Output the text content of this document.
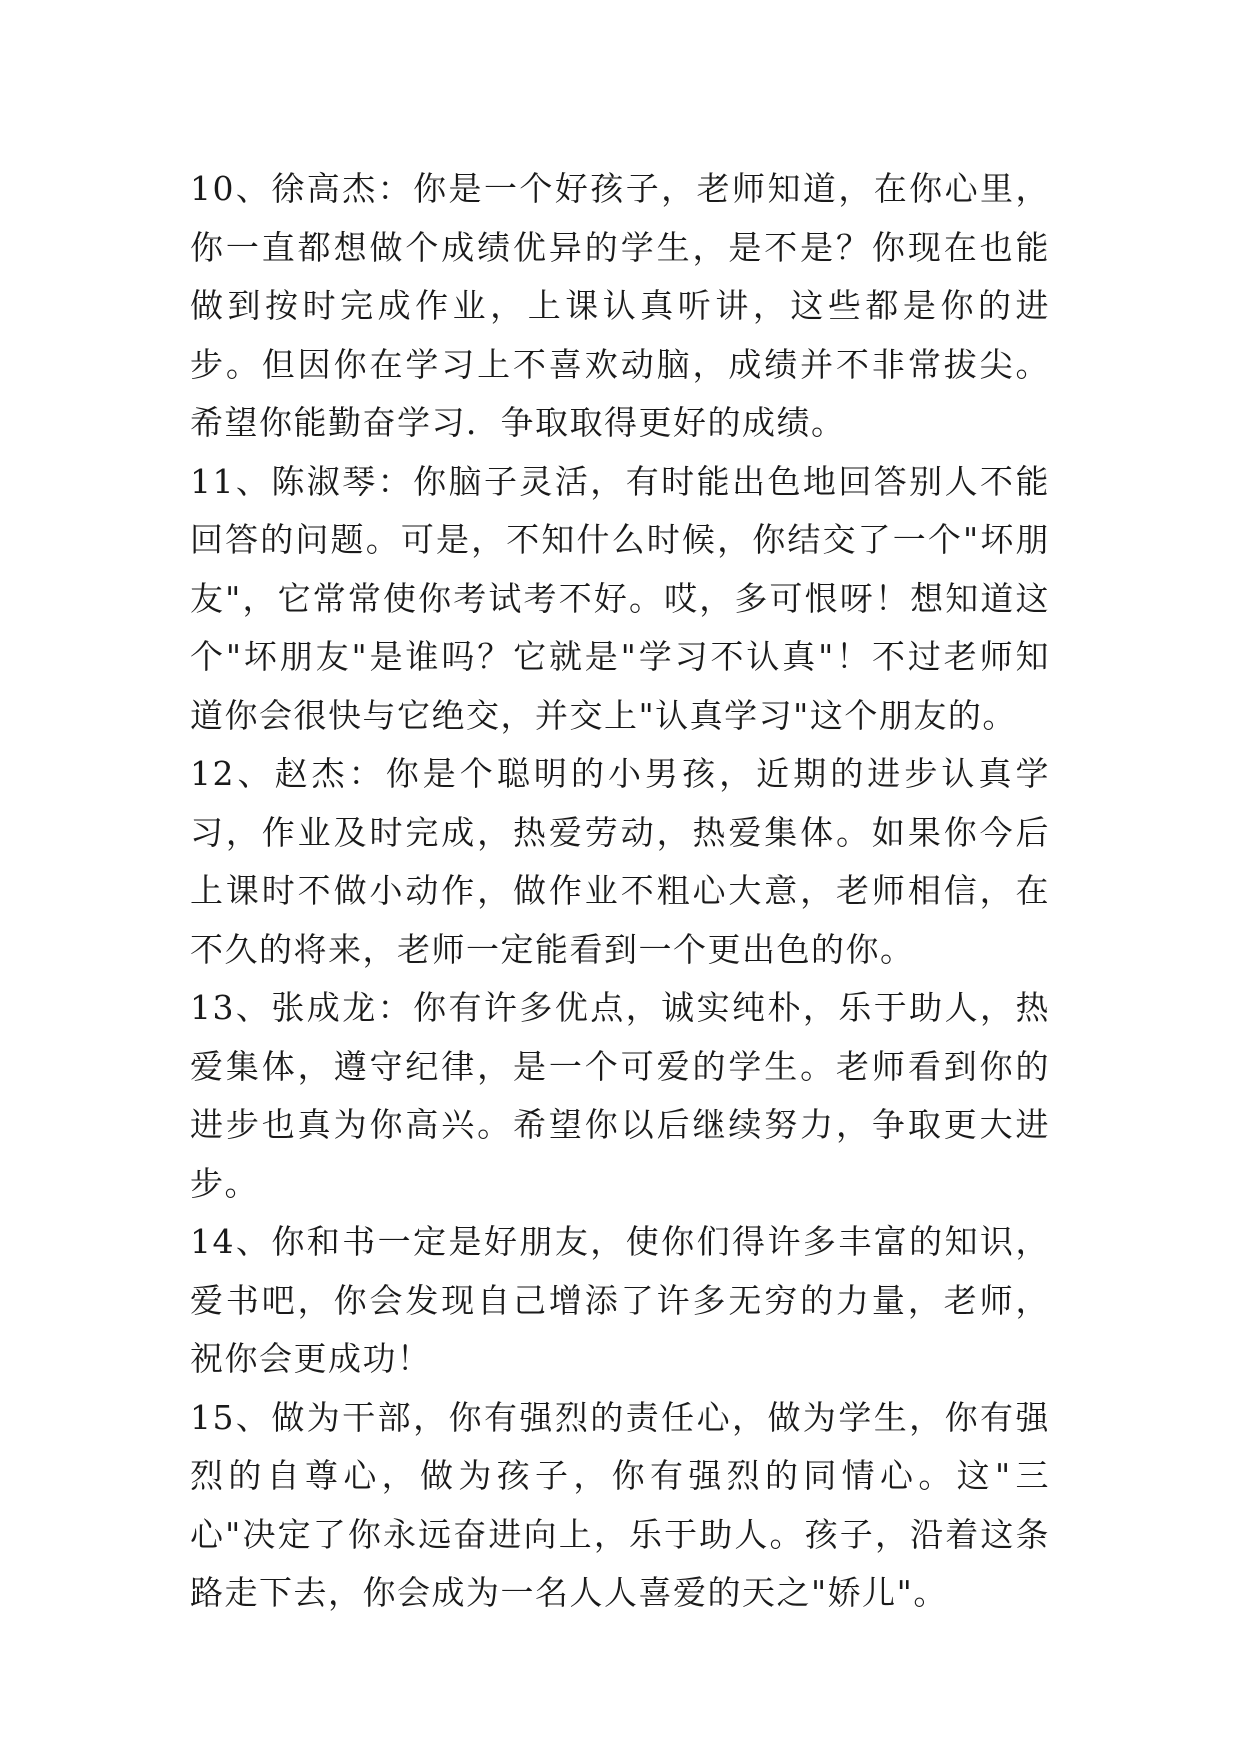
10、徐高杰：你是一个好孩子，老师知道，在你心里，你一直都想做个成绩优异的学生，是不是？你现在也能做到按时完成作业，上课认真听讲，这些都是你的进步。但因你在学习上不喜欢动脑，成绩并不非常拔尖。希望你能勤奋学习．争取取得更好的成绩。

11、陈淑琴：你脑子灵活，有时能出色地回答别人不能回答的问题。可是，不知什么时候，你结交了一个"坏朋友"，它常常使你考试考不好。哎，多可恨呀！想知道这个"坏朋友"是谁吗？它就是"学习不认真"！不过老师知道你会很快与它绝交，并交上"认真学习"这个朋友的。

12、赵杰：你是个聪明的小男孩，近期的进步认真学习，作业及时完成，热爱劳动，热爱集体。如果你今后上课时不做小动作，做作业不粗心大意，老师相信，在不久的将来，老师一定能看到一个更出色的你。

13、张成龙：你有许多优点，诚实纯朴，乐于助人，热爱集体，遵守纪律，是一个可爱的学生。老师看到你的进步也真为你高兴。希望你以后继续努力，争取更大进步。

14、你和书一定是好朋友，使你们得许多丰富的知识，爱书吧，你会发现自己增添了许多无穷的力量，老师，祝你会更成功！

15、做为干部，你有强烈的责任心，做为学生，你有强烈的自尊心，做为孩子，你有强烈的同情心。这"三心"决定了你永远奋进向上，乐于助人。孩子，沿着这条路走下去，你会成为一名人人喜爱的天之"娇儿"。
